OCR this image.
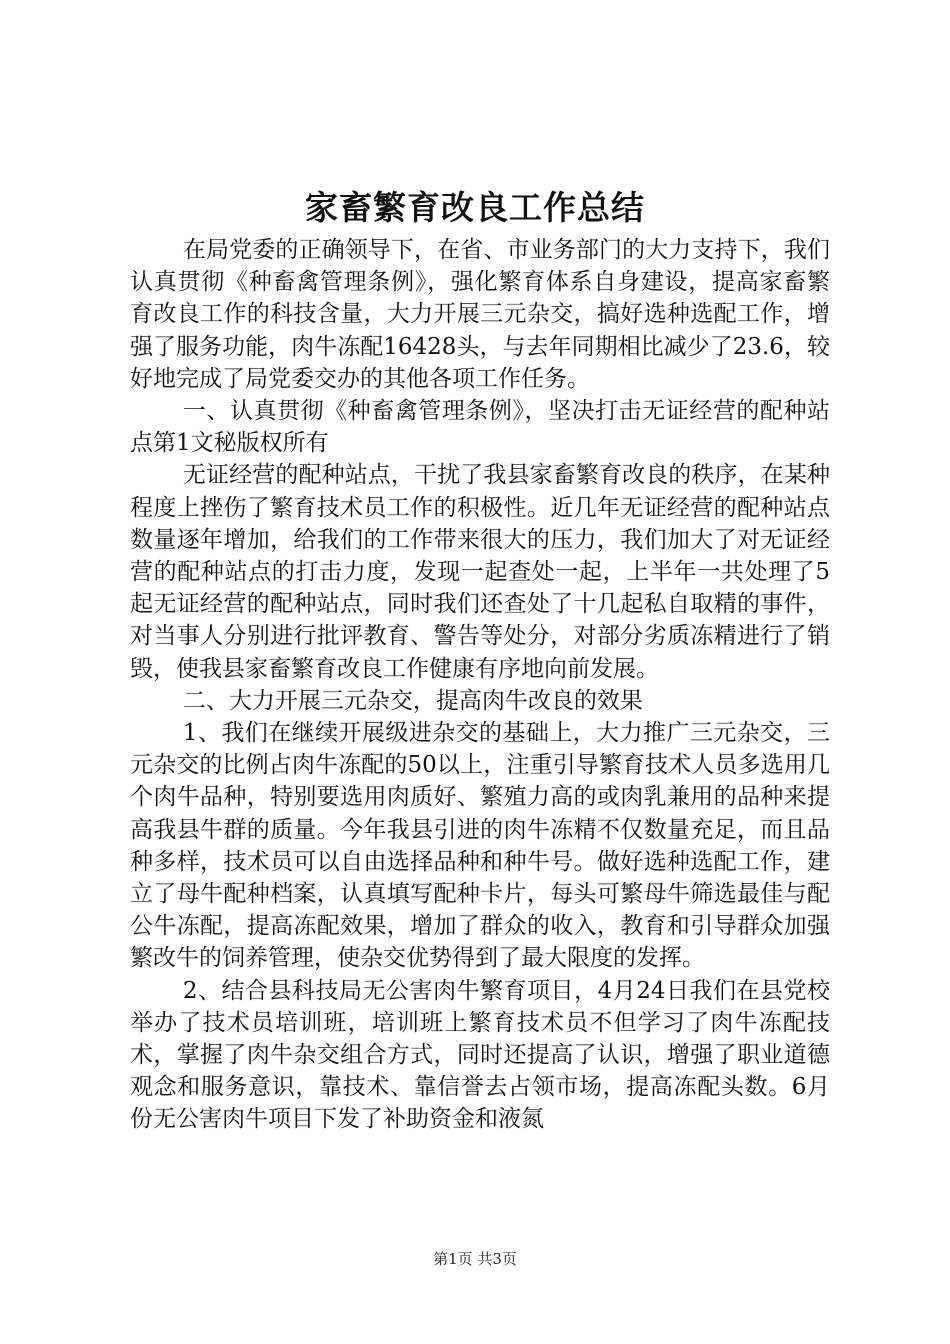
家畜繁育改良工作总结

在局党委的正确领导下，在省、市业务部门的大力支持下，我们认真贯彻《种畜禽管理条例》，强化繁育体系自身建设，提高家畜繁育改良工作的科技含量，大力开展三元杂交，搞好选种选配工作，增强了服务功能，肉牛冻配16428头，与去年同期相比减少了23.6，较好地完成了局党委交办的其他各项工作任务。

一、认真贯彻《种畜禽管理条例》，坚决打击无证经营的配种站点第1文秘版权所有

无证经营的配种站点，干扰了我县家畜繁育改良的秩序，在某种程度上挫伤了繁育技术员工作的积极性。近几年无证经营的配种站点数量逐年增加，给我们的工作带来很大的压力，我们加大了对无证经营的配种站点的打击力度，发现一起查处一起，上半年一共处理了5起无证经营的配种站点，同时我们还查处了十几起私自取精的事件，对当事人分别进行批评教育、警告等处分，对部分劣质冻精进行了销毁，使我县家畜繁育改良工作健康有序地向前发展。

二、大力开展三元杂交，提高肉牛改良的效果

1、我们在继续开展级进杂交的基础上，大力推广三元杂交，三元杂交的比例占肉牛冻配的50以上，注重引导繁育技术人员多选用几个肉牛品种，特别要选用肉质好、繁殖力高的或肉乳兼用的品种来提高我县牛群的质量。今年我县引进的肉牛冻精不仅数量充足，而且品种多样，技术员可以自由选择品种和种牛号。做好选种选配工作，建立了母牛配种档案，认真填写配种卡片，每头可繁母牛筛选最佳与配公牛冻配，提高冻配效果，增加了群众的收入，教育和引导群众加强繁改牛的饲养管理，使杂交优势得到了最大限度的发挥。

2、结合县科技局无公害肉牛繁育项目，4月24日我们在县党校举办了技术员培训班，培训班上繁育技术员不但学习了肉牛冻配技术，掌握了肉牛杂交组合方式，同时还提高了认识，增强了职业道德观念和服务意识，靠技术、靠信誉去占领市场，提高冻配头数。6月份无公害肉牛项目下发了补助资金和液氮

第1页 共3页
